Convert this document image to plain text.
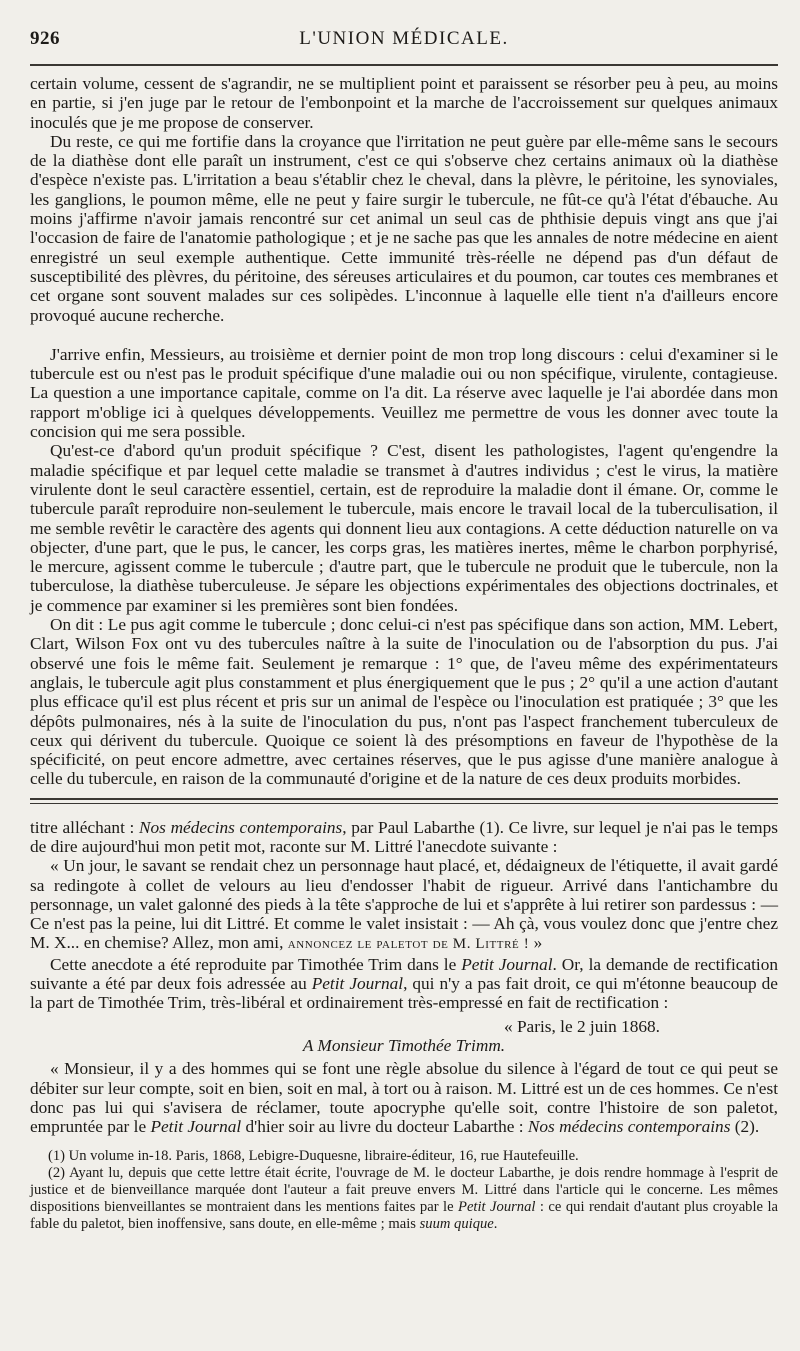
926	L'UNION MÉDICALE.

certain volume, cessent de s'agrandir, ne se multiplient point et paraissent se résorber peu à peu, au moins en partie, si j'en juge par le retour de l'embonpoint et la marche de l'accroissement sur quelques animaux inoculés que je me propose de conserver.

Du reste, ce qui me fortifie dans la croyance que l'irritation ne peut guère par elle-même sans le secours de la diathèse dont elle paraît un instrument, c'est ce qui s'observe chez certains animaux où la diathèse d'espèce n'existe pas. L'irritation a beau s'établir chez le cheval, dans la plèvre, le péritoine, les synoviales, les ganglions, le poumon même, elle ne peut y faire surgir le tubercule, ne fût-ce qu'à l'état d'ébauche. Au moins j'affirme n'avoir jamais rencontré sur cet animal un seul cas de phthisie depuis vingt ans que j'ai l'occasion de faire de l'anatomie pathologique ; et je ne sache pas que les annales de notre médecine en aient enregistré un seul exemple authentique. Cette immunité très-réelle ne dépend pas d'un défaut de susceptibilité des plèvres, du péritoine, des séreuses articulaires et du poumon, car toutes ces membranes et cet organe sont souvent malades sur ces solipèdes. L'inconnue à laquelle elle tient n'a d'ailleurs encore provoqué aucune recherche.

J'arrive enfin, Messieurs, au troisième et dernier point de mon trop long discours : celui d'examiner si le tubercule est ou n'est pas le produit spécifique d'une maladie oui ou non spécifique, virulente, contagieuse. La question a une importance capitale, comme on l'a dit. La réserve avec laquelle je l'ai abordée dans mon rapport m'oblige ici à quelques développements. Veuillez me permettre de vous les donner avec toute la concision qui me sera possible.

Qu'est-ce d'abord qu'un produit spécifique ? C'est, disent les pathologistes, l'agent qu'engendre la maladie spécifique et par lequel cette maladie se transmet à d'autres individus ; c'est le virus, la matière virulente dont le seul caractère essentiel, certain, est de reproduire la maladie dont il émane. Or, comme le tubercule paraît reproduire non-seulement le tubercule, mais encore le travail local de la tuberculisation, il me semble revêtir le caractère des agents qui donnent lieu aux contagions. A cette déduction naturelle on va objecter, d'une part, que le pus, le cancer, les corps gras, les matières inertes, même le charbon porphyrisé, le mercure, agissent comme le tubercule ; d'autre part, que le tubercule ne produit que le tubercule, non la tuberculose, la diathèse tuberculeuse. Je sépare les objections expérimentales des objections doctrinales, et je commence par examiner si les premières sont bien fondées.

On dit : Le pus agit comme le tubercule ; donc celui-ci n'est pas spécifique dans son action, MM. Lebert, Clart, Wilson Fox ont vu des tubercules naître à la suite de l'inoculation ou de l'absorption du pus. J'ai observé une fois le même fait. Seulement je remarque : 1° que, de l'aveu même des expérimentateurs anglais, le tubercule agit plus constamment et plus énergiquement que le pus ; 2° qu'il a une action d'autant plus efficace qu'il est plus récent et pris sur un animal de l'espèce ou l'inoculation est pratiquée ; 3° que les dépôts pulmonaires, nés à la suite de l'inoculation du pus, n'ont pas l'aspect franchement tuberculeux de ceux qui dérivent du tubercule. Quoique ce soient là des présomptions en faveur de l'hypothèse de la spécificité, on peut encore admettre, avec certaines réserves, que le pus agisse d'une manière analogue à celle du tubercule, en raison de la communauté d'origine et de la nature de ces deux produits morbides.

titre alléchant : Nos médecins contemporains, par Paul Labarthe (1). Ce livre, sur lequel je n'ai pas le temps de dire aujourd'hui mon petit mot, raconte sur M. Littré l'anecdote suivante :

« Un jour, le savant se rendait chez un personnage haut placé, et, dédaigneux de l'étiquette, il avait gardé sa redingote à collet de velours au lieu d'endosser l'habit de rigueur. Arrivé dans l'antichambre du personnage, un valet galonné des pieds à la tête s'approche de lui et s'apprête à lui retirer son pardessus : — Ce n'est pas la peine, lui dit Littré. Et comme le valet insistait : — Ah çà, vous voulez donc que j'entre chez M. X... en chemise? Allez, mon ami, annoncez le paletot de M. Littré ! »

Cette anecdote a été reproduite par Timothée Trim dans le Petit Journal. Or, la demande de rectification suivante a été par deux fois adressée au Petit Journal, qui n'y a pas fait droit, ce qui m'étonne beaucoup de la part de Timothée Trim, très-libéral et ordinairement très-empressé en fait de rectification :

« Paris, le 2 juin 1868.

A Monsieur Timothée Trimm.

« Monsieur, il y a des hommes qui se font une règle absolue du silence à l'égard de tout ce qui peut se débiter sur leur compte, soit en bien, soit en mal, à tort ou à raison. M. Littré est un de ces hommes. Ce n'est donc pas lui qui s'avisera de réclamer, toute apocryphe qu'elle soit, contre l'histoire de son paletot, empruntée par le Petit Journal d'hier soir au livre du docteur Labarthe : Nos médecins contemporains (2).

(1) Un volume in-18. Paris, 1868, Lebigre-Duquesne, libraire-éditeur, 16, rue Hautefeuille.

(2) Ayant lu, depuis que cette lettre était écrite, l'ouvrage de M. le docteur Labarthe, je dois rendre hommage à l'esprit de justice et de bienveillance marquée dont l'auteur a fait preuve envers M. Littré dans l'article qui le concerne. Les mêmes dispositions bienveillantes se montraient dans les mentions faites par le Petit Journal : ce qui rendait d'autant plus croyable la fable du paletot, bien inoffensive, sans doute, en elle-même ; mais suum quique.
